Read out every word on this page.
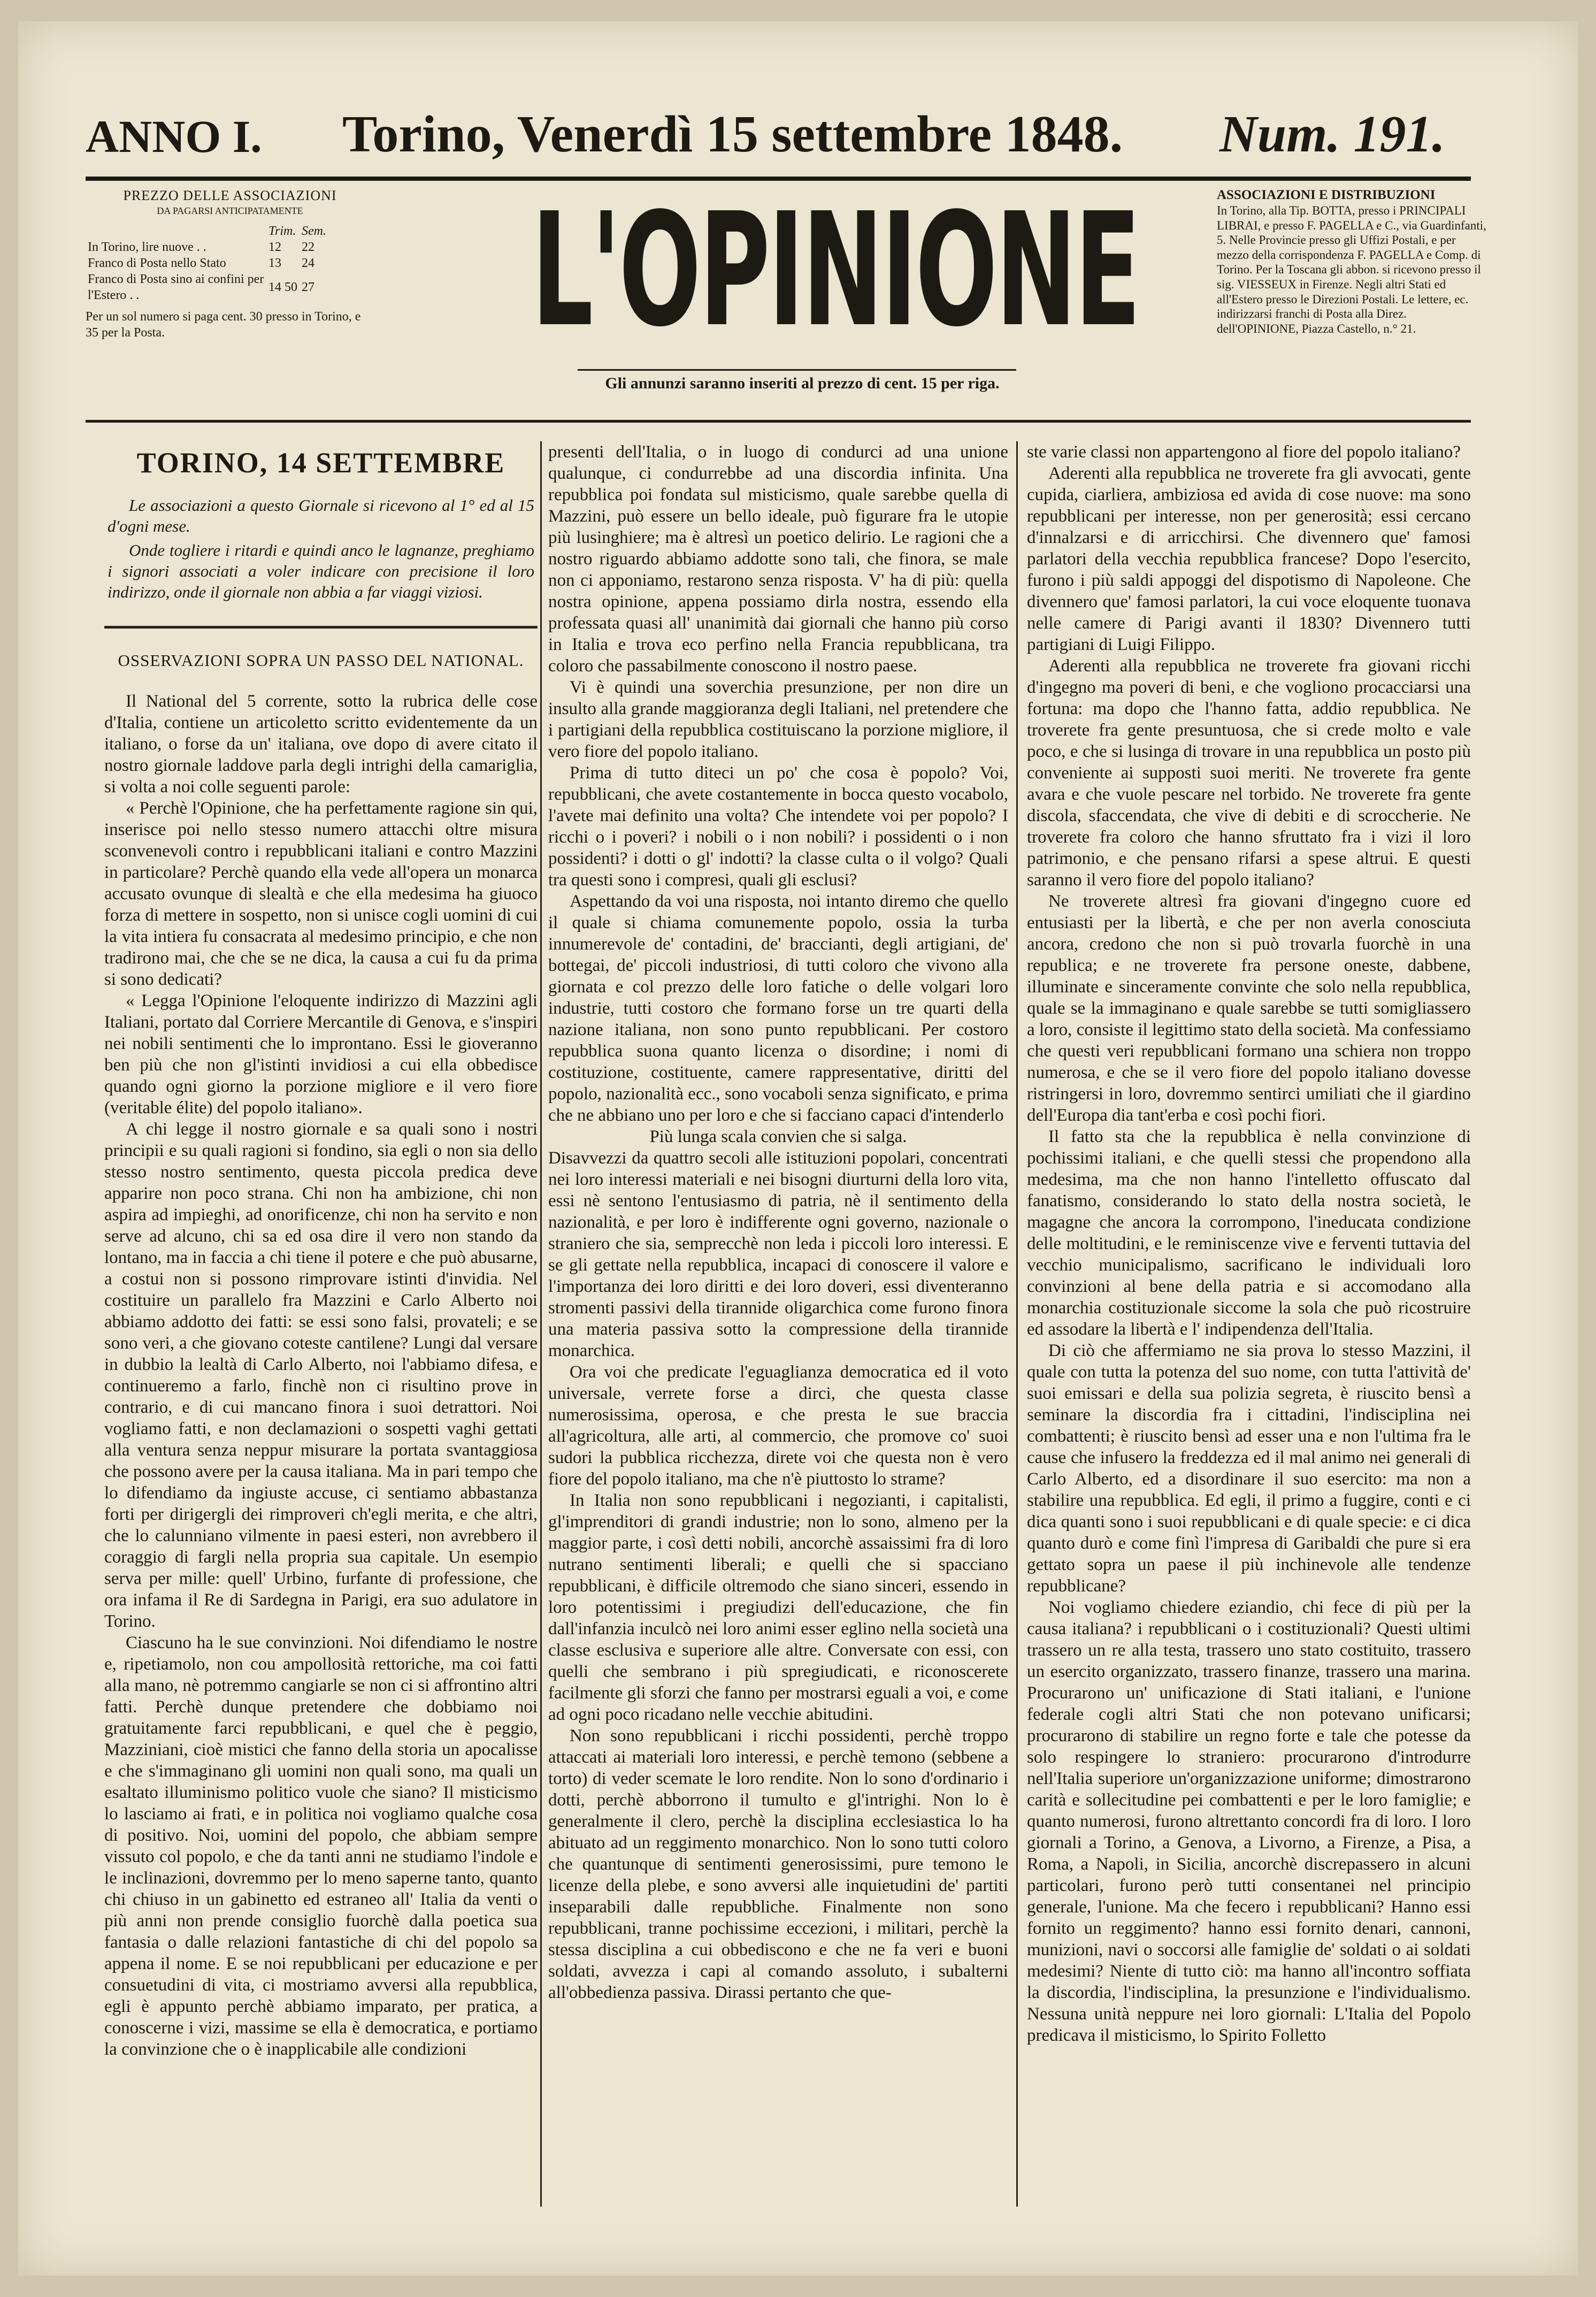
ANNO I. Torino, Venerdì 15 settembre 1848. Num. 191.
PREZZO DELLE ASSOCIAZIONI
DA PAGARSI ANTICIPATAMENTE
	Trim.	Sem.
In Torino, lire nuove . .	12	22
Franco di Posta nello Stato	13	24
Franco di Posta sino ai confini per l'Estero . .	14 50	27
Per un sol numero si paga cent. 30 presso in Torino, e 35 per la Posta.	L'OPINIONE
Gli annunzi saranno inseriti al prezzo di cent. 15 per riga.
ASSOCIAZIONI E DISTRIBUZIONI
In Torino, alla Tip. BOTTA, presso i PRINCIPALI LIBRAI, e presso F. PAGELLA e C., via Guardinfanti, 5. Nelle Provincie presso gli Uffizi Postali, e per mezzo della corrispondenza F. PAGELLA e Comp. di Torino. Per la Toscana gli abbon. si ricevono presso il sig. VIESSEUX in Firenze. Negli altri Stati ed all'Estero presso le Direzioni Postali. Le lettere, ec. indirizzarsi franchi di Posta alla Direz. dell'OPINIONE, Piazza Castello, n.° 21.
TORINO, 14 SETTEMBRE

Le associazioni a questo Giornale si ricevono al 1° ed al 15 d'ogni mese.

Onde togliere i ritardi e quindi anco le lagnanze, preghiamo i signori associati a voler indicare con precisione il loro indirizzo, onde il giornale non abbia a far viaggi viziosi.

OSSERVAZIONI SOPRA UN PASSO DEL NATIONAL.

Il National del 5 corrente, sotto la rubrica delle cose d'Italia, contiene un articoletto scritto evidentemente da un italiano, o forse da un' italiana, ove dopo di avere citato il nostro giornale laddove parla degli intrighi della camariglia, si volta a noi colle seguenti parole:

« Perchè l'Opinione, che ha perfettamente ragione sin qui, inserisce poi nello stesso numero attacchi oltre misura sconvenevoli contro i repubblicani italiani e contro Mazzini in particolare? Perchè quando ella vede all'opera un monarca accusato ovunque di slealtà e che ella medesima ha giuoco forza di mettere in sospetto, non si unisce cogli uomini di cui la vita intiera fu consacrata al medesimo principio, e che non tradirono mai, che che se ne dica, la causa a cui fu da prima si sono dedicati?

« Legga l'Opinione l'eloquente indirizzo di Mazzini agli Italiani, portato dal Corriere Mercantile di Genova, e s'inspiri nei nobili sentimenti che lo improntano. Essi le gioveranno ben più che non gl'istinti invidiosi a cui ella obbedisce quando ogni giorno la porzione migliore e il vero fiore (veritable élite) del popolo italiano».

A chi legge il nostro giornale e sa quali sono i nostri principii e su quali ragioni si fondino, sia egli o non sia dello stesso nostro sentimento, questa piccola predica deve apparire non poco strana. Chi non ha ambizione, chi non aspira ad impieghi, ad onorificenze, chi non ha servito e non serve ad alcuno, chi sa ed osa dire il vero non stando da lontano, ma in faccia a chi tiene il potere e che può abusarne, a costui non si possono rimprovare istinti d'invidia. Nel costituire un parallelo fra Mazzini e Carlo Alberto noi abbiamo addotto dei fatti: se essi sono falsi, provateli; e se sono veri, a che giovano coteste cantilene? Lungi dal versare in dubbio la lealtà di Carlo Alberto, noi l'abbiamo difesa, e continueremo a farlo, finchè non ci risultino prove in contrario, e di cui mancano finora i suoi detrattori. Noi vogliamo fatti, e non declamazioni o sospetti vaghi gettati alla ventura senza neppur misurare la portata svantaggiosa che possono avere per la causa italiana. Ma in pari tempo che lo difendiamo da ingiuste accuse, ci sentiamo abbastanza forti per dirigergli dei rimproveri ch'egli merita, e che altri, che lo calunniano vilmente in paesi esteri, non avrebbero il coraggio di fargli nella propria sua capitale. Un esempio serva per mille: quell' Urbino, furfante di professione, che ora infama il Re di Sardegna in Parigi, era suo adulatore in Torino.

Ciascuno ha le sue convinzioni. Noi difendiamo le nostre e, ripetiamolo, non cou ampollosità rettoriche, ma coi fatti alla mano, nè potremmo cangiarle se non ci si affrontino altri fatti. Perchè dunque pretendere che dobbiamo noi gratuitamente farci repubblicani, e quel che è peggio, Mazziniani, cioè mistici che fanno della storia un apocalisse e che s'immaginano gli uomini non quali sono, ma quali un esaltato illuminismo politico vuole che siano? Il misticismo lo lasciamo ai frati, e in politica noi vogliamo qualche cosa di positivo. Noi, uomini del popolo, che abbiam sempre vissuto col popolo, e che da tanti anni ne studiamo l'indole e le inclinazioni, dovremmo per lo meno saperne tanto, quanto chi chiuso in un gabinetto ed estraneo all' Italia da venti o più anni non prende consiglio fuorchè dalla poetica sua fantasia o dalle relazioni fantastiche di chi del popolo sa appena il nome. E se noi repubblicani per educazione e per consuetudini di vita, ci mostriamo avversi alla repubblica, egli è appunto perchè abbiamo imparato, per pratica, a conoscerne i vizi, massime se ella è democratica, e portiamo la convinzione che o è inapplicabile alle condizioni

presenti dell'Italia, o in luogo di condurci ad una unione qualunque, ci condurrebbe ad una discordia infinita. Una repubblica poi fondata sul misticismo, quale sarebbe quella di Mazzini, può essere un bello ideale, può figurare fra le utopie più lusinghiere; ma è altresì un poetico delirio. Le ragioni che a nostro riguardo abbiamo addotte sono tali, che finora, se male non ci apponiamo, restarono senza risposta. V' ha di più: quella nostra opinione, appena possiamo dirla nostra, essendo ella professata quasi all' unanimità dai giornali che hanno più corso in Italia e trova eco perfino nella Francia repubblicana, tra coloro che passabilmente conoscono il nostro paese.

Vi è quindi una soverchia presunzione, per non dire un insulto alla grande maggioranza degli Italiani, nel pretendere che i partigiani della repubblica costituiscano la porzione migliore, il vero fiore del popolo italiano.

Prima di tutto diteci un po' che cosa è popolo? Voi, repubblicani, che avete costantemente in bocca questo vocabolo, l'avete mai definito una volta? Che intendete voi per popolo? I ricchi o i poveri? i nobili o i non nobili? i possidenti o i non possidenti? i dotti o gl' indotti? la classe culta o il volgo? Quali tra questi sono i compresi, quali gli esclusi?

Aspettando da voi una risposta, noi intanto diremo che quello il quale si chiama comunemente popolo, ossia la turba innumerevole de' contadini, de' braccianti, degli artigiani, de' bottegai, de' piccoli industriosi, di tutti coloro che vivono alla giornata e col prezzo delle loro fatiche o delle volgari loro industrie, tutti costoro che formano forse un tre quarti della nazione italiana, non sono punto repubblicani. Per costoro repubblica suona quanto licenza o disordine; i nomi di costituzione, costituente, camere rappresentative, diritti del popolo, nazionalità ecc., sono vocaboli senza significato, e prima che ne abbiano uno per loro e che si facciano capaci d'intenderlo

Più lunga scala convien che si salga.

Disavvezzi da quattro secoli alle istituzioni popolari, concentrati nei loro interessi materiali e nei bisogni diurturni della loro vita, essi nè sentono l'entusiasmo di patria, nè il sentimento della nazionalità, e per loro è indifferente ogni governo, nazionale o straniero che sia, semprecchè non leda i piccoli loro interessi. E se gli gettate nella repubblica, incapaci di conoscere il valore e l'importanza dei loro diritti e dei loro doveri, essi diventeranno stromenti passivi della tirannide oligarchica come furono finora una materia passiva sotto la compressione della tirannide monarchica.

Ora voi che predicate l'eguaglianza democratica ed il voto universale, verrete forse a dirci, che questa classe numerosissima, operosa, e che presta le sue braccia all'agricoltura, alle arti, al commercio, che promove co' suoi sudori la pubblica ricchezza, direte voi che questa non è vero fiore del popolo italiano, ma che n'è piuttosto lo strame?

In Italia non sono repubblicani i negozianti, i capitalisti, gl'imprenditori di grandi industrie; non lo sono, almeno per la maggior parte, i così detti nobili, ancorchè assaissimi fra di loro nutrano sentimenti liberali; e quelli che si spacciano repubblicani, è difficile oltremodo che siano sinceri, essendo in loro potentissimi i pregiudizi dell'educazione, che fin dall'infanzia inculcò nei loro animi esser eglino nella società una classe esclusiva e superiore alle altre. Conversate con essi, con quelli che sembrano i più spregiudicati, e riconoscerete facilmente gli sforzi che fanno per mostrarsi eguali a voi, e come ad ogni poco ricadano nelle vecchie abitudini.

Non sono repubblicani i ricchi possidenti, perchè troppo attaccati ai materiali loro interessi, e perchè temono (sebbene a torto) di veder scemate le loro rendite. Non lo sono d'ordinario i dotti, perchè abborrono il tumulto e gl'intrighi. Non lo è generalmente il clero, perchè la disciplina ecclesiastica lo ha abituato ad un reggimento monarchico. Non lo sono tutti coloro che quantunque di sentimenti generosissimi, pure temono le licenze della plebe, e sono avversi alle inquietudini de' partiti inseparabili dalle repubbliche. Finalmente non sono repubblicani, tranne pochissime eccezioni, i militari, perchè la stessa disciplina a cui obbediscono e che ne fa veri e buoni soldati, avvezza i capi al comando assoluto, i subalterni all'obbedienza passiva. Dirassi pertanto che que-

ste varie classi non appartengono al fiore del popolo italiano?

Aderenti alla repubblica ne troverete fra gli avvocati, gente cupida, ciarliera, ambiziosa ed avida di cose nuove: ma sono repubblicani per interesse, non per generosità; essi cercano d'innalzarsi e di arricchirsi. Che divennero que' famosi parlatori della vecchia repubblica francese? Dopo l'esercito, furono i più saldi appoggi del dispotismo di Napoleone. Che divennero que' famosi parlatori, la cui voce eloquente tuonava nelle camere di Parigi avanti il 1830? Divennero tutti partigiani di Luigi Filippo.

Aderenti alla repubblica ne troverete fra giovani ricchi d'ingegno ma poveri di beni, e che vogliono procacciarsi una fortuna: ma dopo che l'hanno fatta, addio repubblica. Ne troverete fra gente presuntuosa, che si crede molto e vale poco, e che si lusinga di trovare in una repubblica un posto più conveniente ai supposti suoi meriti. Ne troverete fra gente avara e che vuole pescare nel torbido. Ne troverete fra gente discola, sfaccendata, che vive di debiti e di scroccherie. Ne troverete fra coloro che hanno sfruttato fra i vizi il loro patrimonio, e che pensano rifarsi a spese altrui. E questi saranno il vero fiore del popolo italiano?

Ne troverete altresì fra giovani d'ingegno cuore ed entusiasti per la libertà, e che per non averla conosciuta ancora, credono che non si può trovarla fuorchè in una republica; e ne troverete fra persone oneste, dabbene, illuminate e sinceramente convinte che solo nella repubblica, quale se la immaginano e quale sarebbe se tutti somigliassero a loro, consiste il legittimo stato della società. Ma confessiamo che questi veri repubblicani formano una schiera non troppo numerosa, e che se il vero fiore del popolo italiano dovesse ristringersi in loro, dovremmo sentirci umiliati che il giardino dell'Europa dia tant'erba e così pochi fiori.

Il fatto sta che la repubblica è nella convinzione di pochissimi italiani, e che quelli stessi che propendono alla medesima, ma che non hanno l'intelletto offuscato dal fanatismo, considerando lo stato della nostra società, le magagne che ancora la corrompono, l'ineducata condizione delle moltitudini, e le reminiscenze vive e ferventi tuttavia del vecchio municipalismo, sacrificano le individuali loro convinzioni al bene della patria e si accomodano alla monarchia costituzionale siccome la sola che può ricostruire ed assodare la libertà e l' indipendenza dell'Italia.

Di ciò che affermiamo ne sia prova lo stesso Mazzini, il quale con tutta la potenza del suo nome, con tutta l'attività de' suoi emissari e della sua polizia segreta, è riuscito bensì a seminare la discordia fra i cittadini, l'indisciplina nei combattenti; è riuscito bensì ad esser una e non l'ultima fra le cause che infusero la freddezza ed il mal animo nei generali di Carlo Alberto, ed a disordinare il suo esercito: ma non a stabilire una repubblica. Ed egli, il primo a fuggire, conti e ci dica quanti sono i suoi repubblicani e di quale specie: e ci dica quanto durò e come finì l'impresa di Garibaldi che pure si era gettato sopra un paese il più inchinevole alle tendenze repubblicane?

Noi vogliamo chiedere eziandio, chi fece di più per la causa italiana? i repubblicani o i costituzionali? Questi ultimi trassero un re alla testa, trassero uno stato costituito, trassero un esercito organizzato, trassero finanze, trassero una marina. Procurarono un' unificazione di Stati italiani, e l'unione federale cogli altri Stati che non potevano unificarsi; procurarono di stabilire un regno forte e tale che potesse da solo respingere lo straniero: procurarono d'introdurre nell'Italia superiore un'organizzazione uniforme; dimostrarono carità e sollecitudine pei combattenti e per le loro famiglie; e quanto numerosi, furono altrettanto concordi fra di loro. I loro giornali a Torino, a Genova, a Livorno, a Firenze, a Pisa, a Roma, a Napoli, in Sicilia, ancorchè discrepassero in alcuni particolari, furono però tutti consentanei nel principio generale, l'unione. Ma che fecero i repubblicani? Hanno essi fornito un reggimento? hanno essi fornito denari, cannoni, munizioni, navi o soccorsi alle famiglie de' soldati o ai soldati medesimi? Niente di tutto ciò: ma hanno all'incontro soffiata la discordia, l'indisciplina, la presunzione e l'individualismo. Nessuna unità neppure nei loro giornali: L'Italia del Popolo predicava il misticismo, lo Spirito Folletto
